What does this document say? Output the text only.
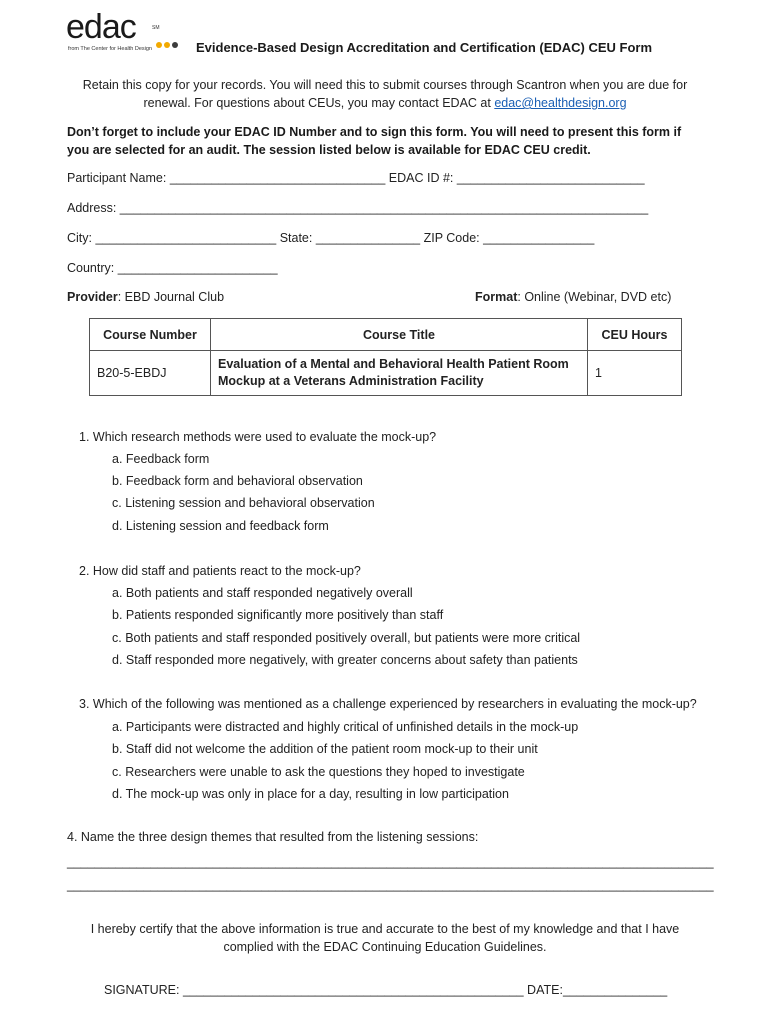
edac	SM
from The Center for Health Design	Evidence-Based Design Accreditation and Certification (EDAC) CEU Form
Retain this copy for your records. You will need this to submit courses through Scantron when you are due for
renewal. For questions about CEUs, you may contact EDAC at edac@healthdesign.org
Don’t forget to include your EDAC ID Number and to sign this form. You will need to present this form if
you are selected for an audit. The session listed below is available for EDAC CEU credit.
Participant Name: _______________________________ EDAC ID #: ___________________________
Address: ____________________________________________________________________________
City: __________________________ State: _______________ ZIP Code: ________________
Country: _______________________
Provider: EBD Journal Club	Format: Online (Webinar, DVD etc)
Course Number	Course Title	CEU Hours
B20-5-EBDJ	Evaluation of a Mental and Behavioral Health Patient Room
Mockup at a Veterans Administration Facility	1
1. Which research methods were used to evaluate the mock-up?
a. Feedback form
b. Feedback form and behavioral observation
c. Listening session and behavioral observation
d. Listening session and feedback form
2. How did staff and patients react to the mock-up?
a. Both patients and staff responded negatively overall
b. Patients responded significantly more positively than staff
c. Both patients and staff responded positively overall, but patients were more critical
d. Staff responded more negatively, with greater concerns about safety than patients
3. Which of the following was mentioned as a challenge experienced by researchers in evaluating the mock-up?
a. Participants were distracted and highly critical of unfinished details in the mock-up
b. Staff did not welcome the addition of the patient room mock-up to their unit
c. Researchers were unable to ask the questions they hoped to investigate
d. The mock-up was only in place for a day, resulting in low participation
4. Name the three design themes that resulted from the listening sessions:
_____________________________________________________________________________________________
_____________________________________________________________________________________________
I hereby certify that the above information is true and accurate to the best of my knowledge and that I have
complied with the EDAC Continuing Education Guidelines.
SIGNATURE: _________________________________________________ DATE:_______________
